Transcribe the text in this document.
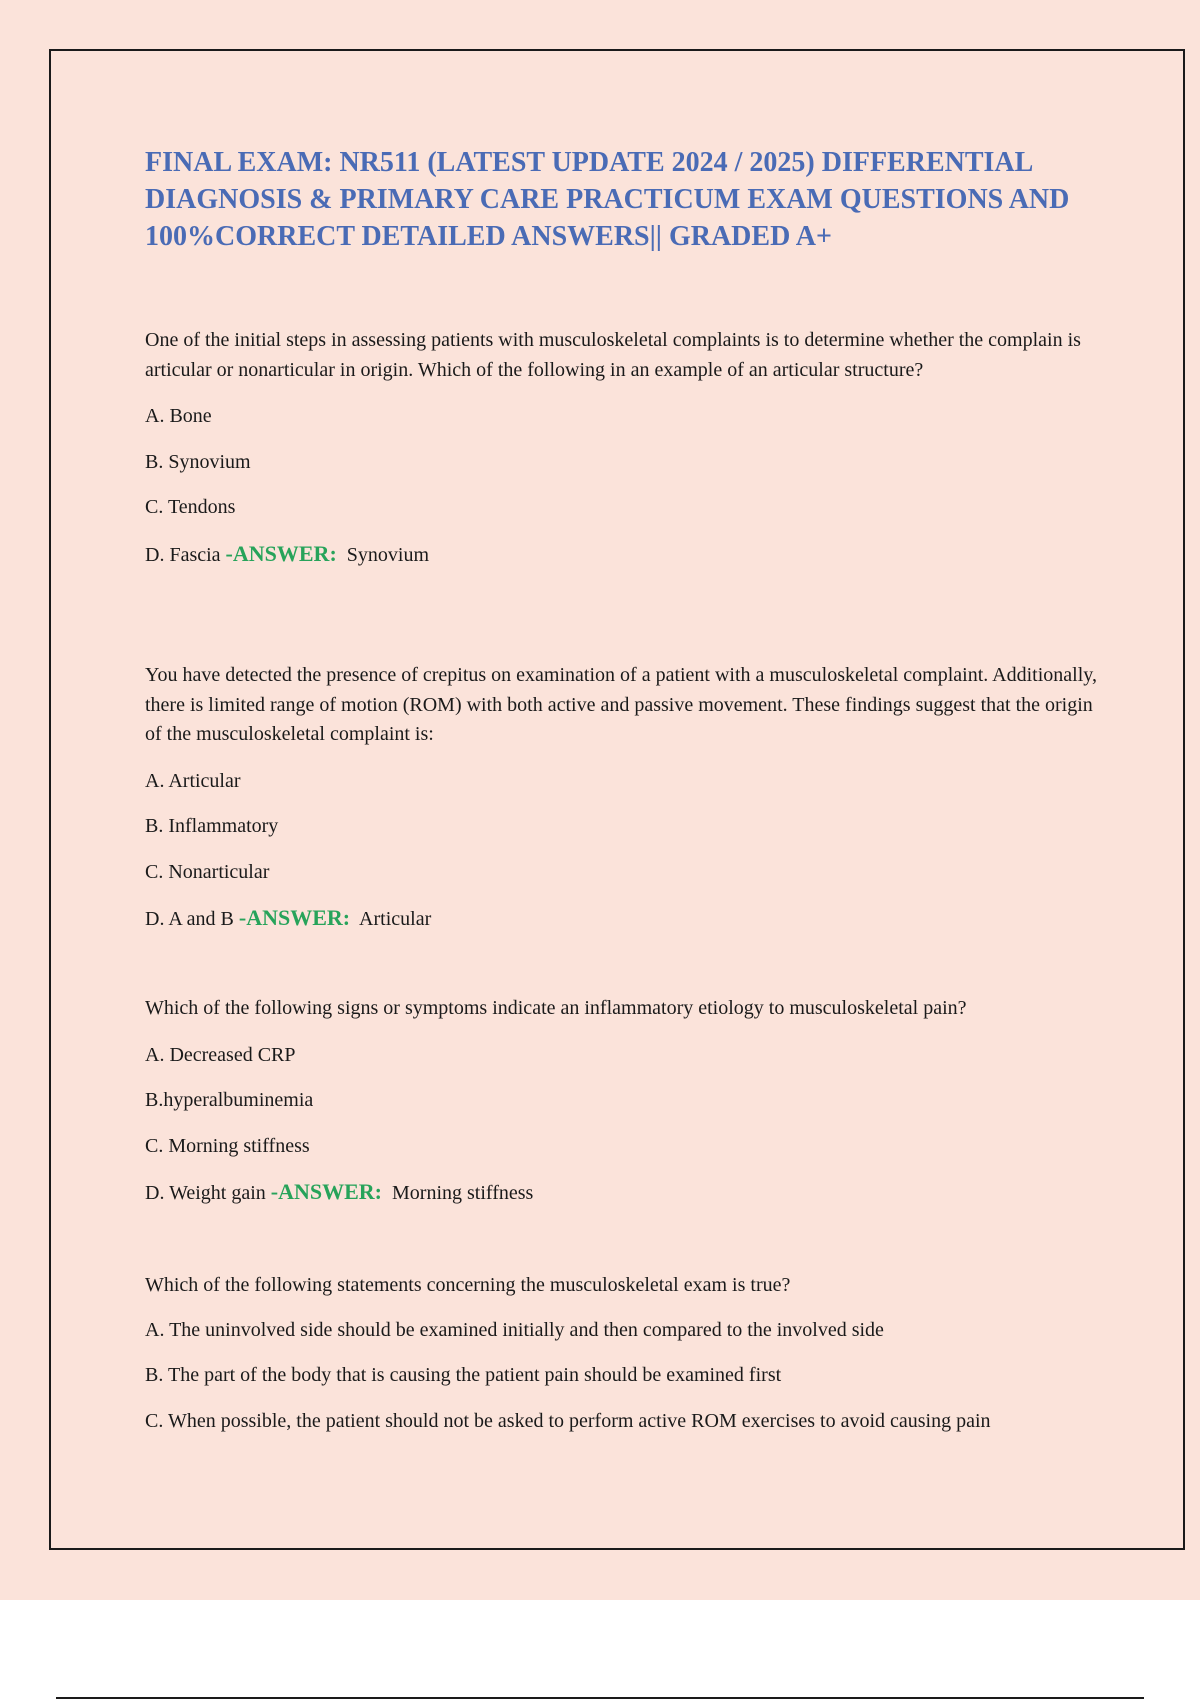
FINAL EXAM: NR511 (LATEST UPDATE 2024 / 2025) DIFFERENTIAL DIAGNOSIS & PRIMARY CARE PRACTICUM EXAM QUESTIONS AND 100%CORRECT DETAILED ANSWERS|| GRADED A+

One of the initial steps in assessing patients with musculoskeletal complaints is to determine whether the complain is articular or nonarticular in origin. Which of the following in an example of an articular structure?

A. Bone

B. Synovium

C. Tendons

D. Fascia -ANSWER: Synovium

You have detected the presence of crepitus on examination of a patient with a musculoskeletal complaint. Additionally, there is limited range of motion (ROM) with both active and passive movement. These findings suggest that the origin of the musculoskeletal complaint is:

A. Articular

B. Inflammatory

C. Nonarticular

D. A and B -ANSWER: Articular

Which of the following signs or symptoms indicate an inflammatory etiology to musculoskeletal pain?

A. Decreased CRP

B.hyperalbuminemia

C. Morning stiffness

D. Weight gain -ANSWER: Morning stiffness

Which of the following statements concerning the musculoskeletal exam is true?

A. The uninvolved side should be examined initially and then compared to the involved side

B. The part of the body that is causing the patient pain should be examined first

C. When possible, the patient should not be asked to perform active ROM exercises to avoid causing pain
